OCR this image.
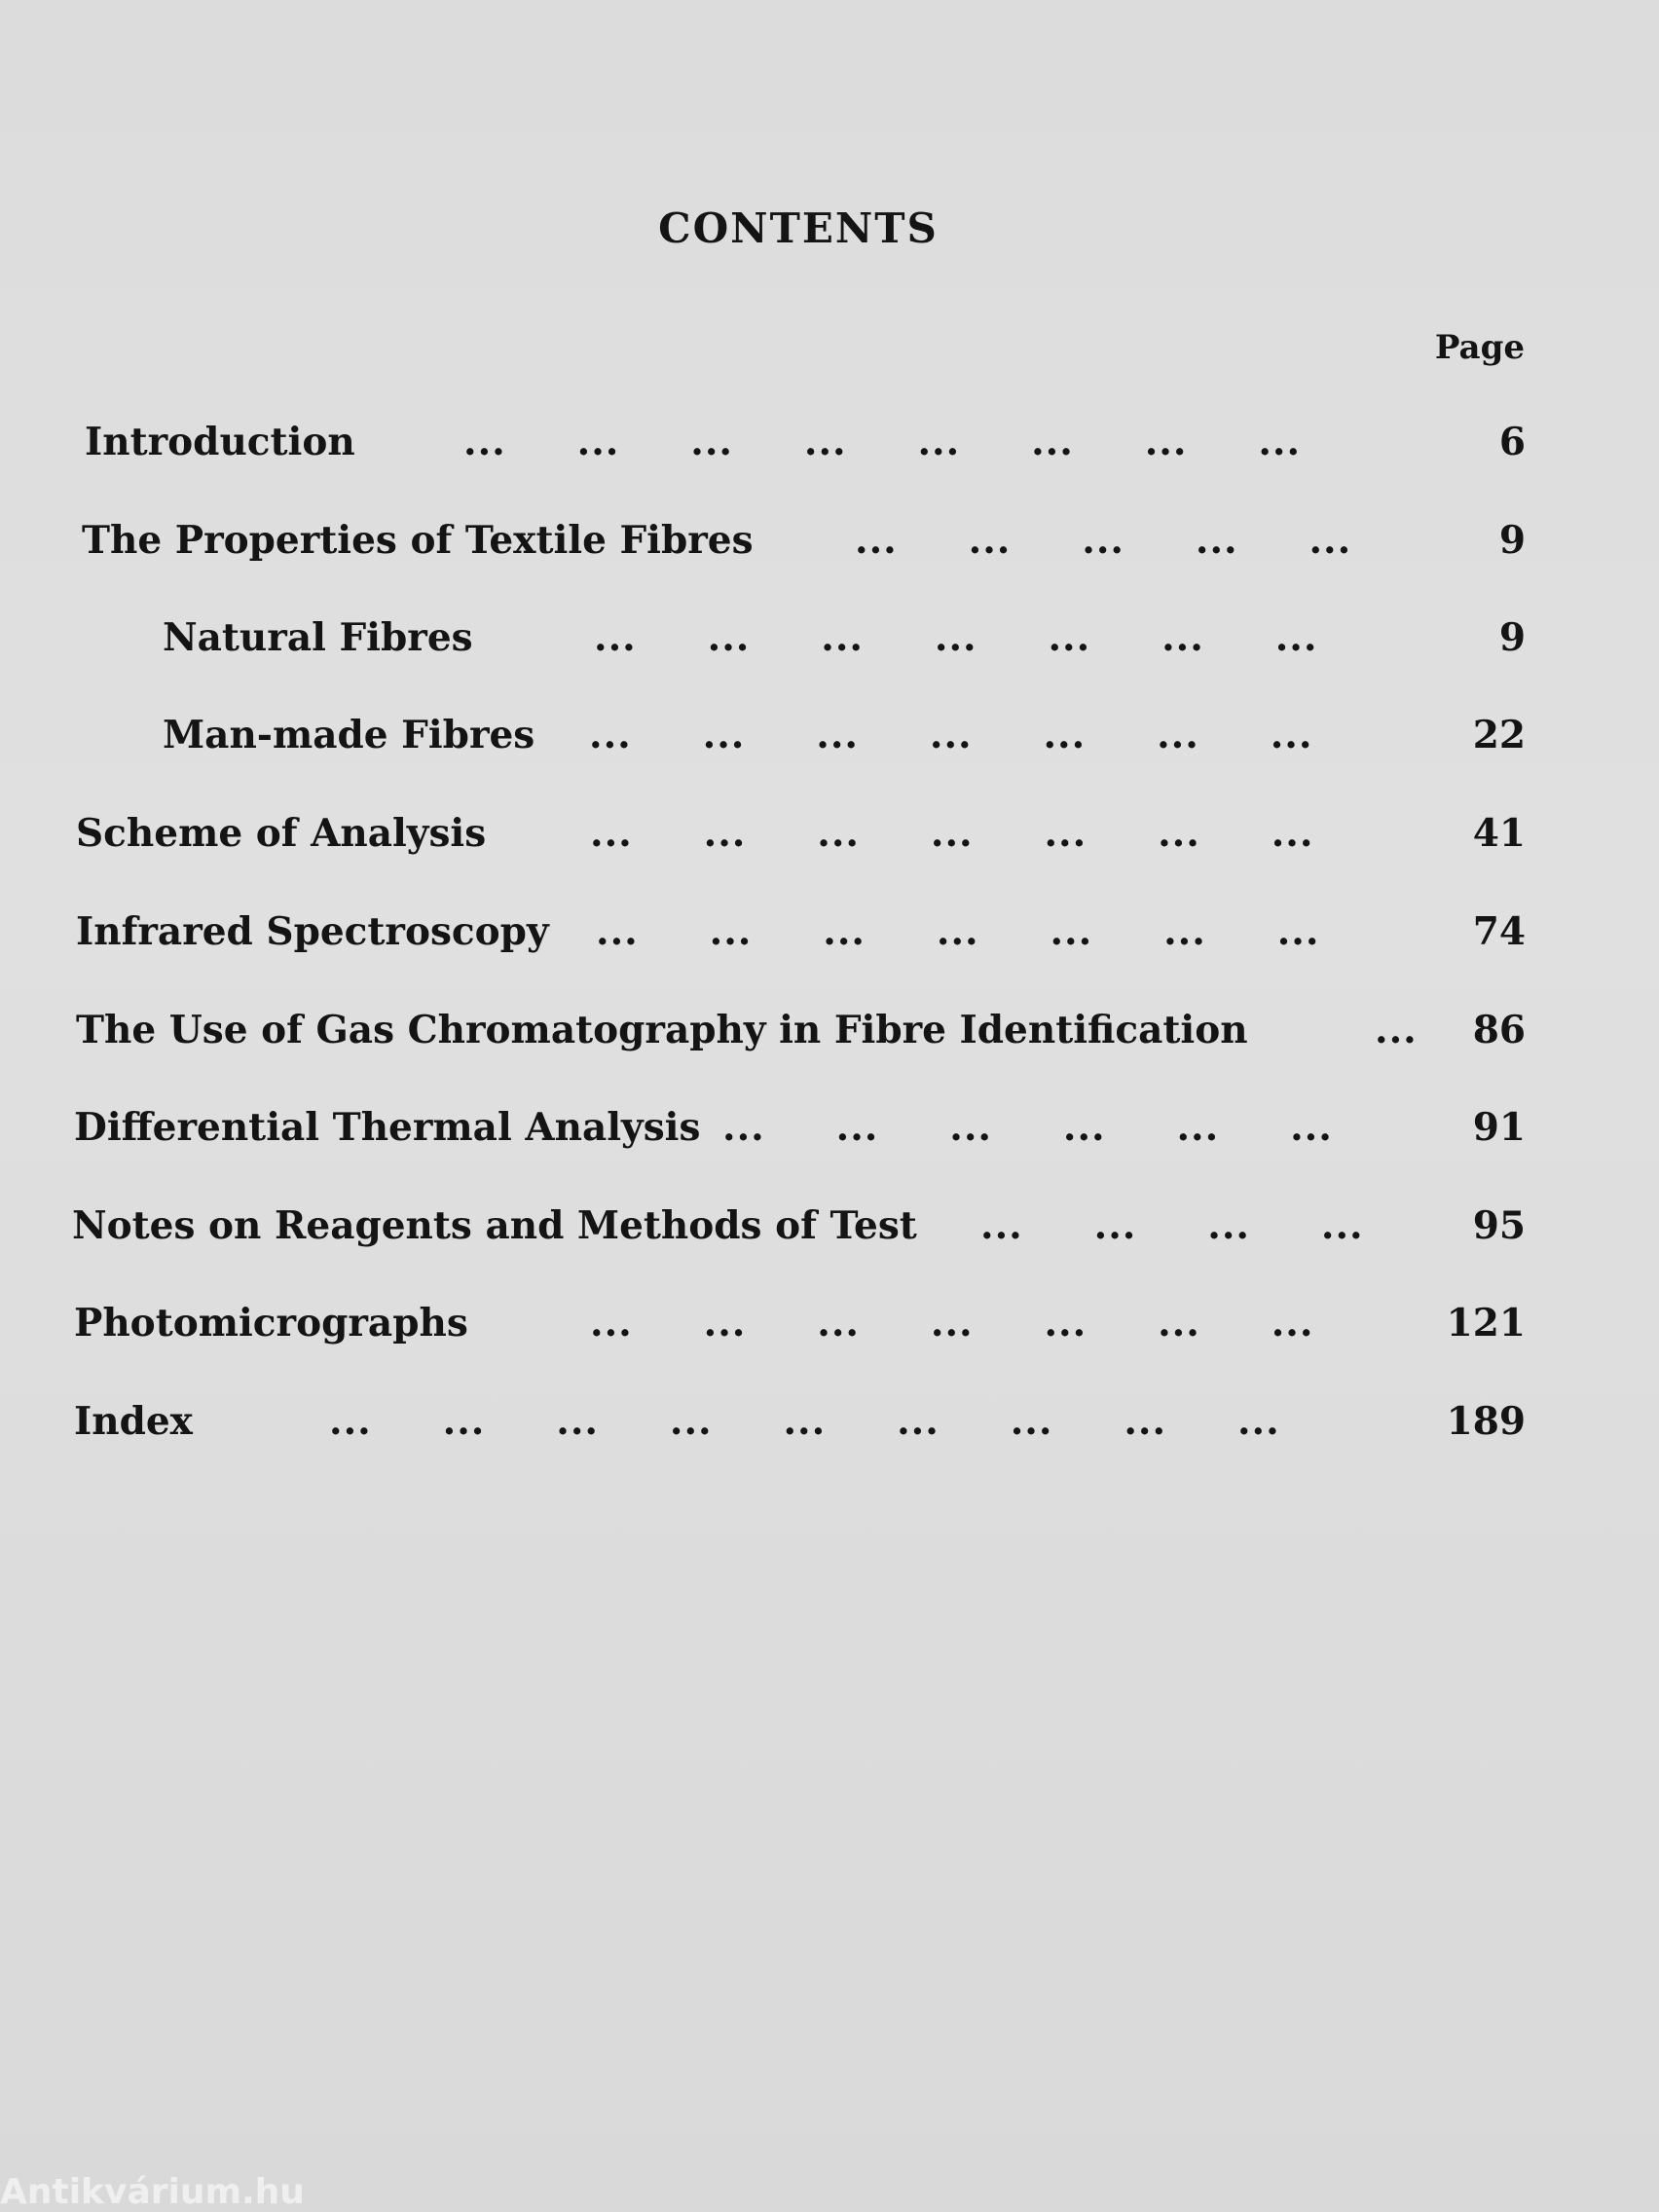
CONTENTS
Page
Introduction	...     ...     ...     ...     ...     ...     ...     ...	6
The Properties of Textile Fibres	...     ...     ...     ...     ...	9
Natural Fibres	...     ...     ...     ...     ...     ...     ...	9
Man-made Fibres ...     ...     ...     ...     ...     ...     ...	22
Scheme of Analysis	...     ...     ...     ...     ...     ...     ...	41
Infrared Spectroscopy ...     ...     ...     ...     ...     ...     ...	74
The Use of Gas Chromatography in Fibre Identification	... 86
Differential Thermal Analysis ...     ...     ...     ...     ...     ...	91
Notes on Reagents and Methods of Test ...     ...     ...     ...	95
Photomicrographs	...     ...     ...     ...     ...     ...     ...	121
Index	...     ...     ...     ...     ...     ...     ...     ...     ...	189
Antikvárium.hu
